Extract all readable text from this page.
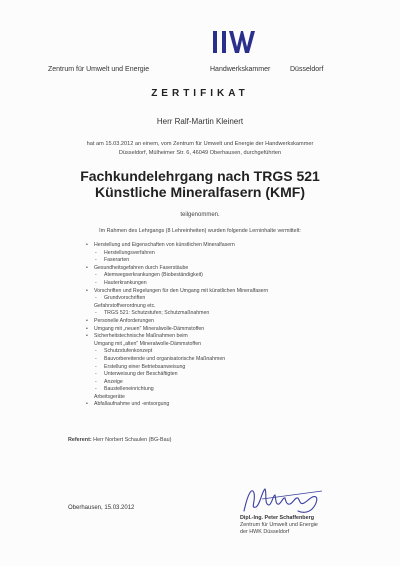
Zentrum für Umwelt und Energie	Handwerkskammer	Düsseldorf
ZERTIFIKAT
Herr Ralf-Martin Kleinert
hat am 15.03.2012 an einem, vom Zentrum für Umwelt und Energie der Handwerkskammer
Düsseldorf, Mülheimer Str. 6, 46049 Oberhausen, durchgeführten
Fachkundelehrgang nach TRGS 521
Künstliche Mineralfasern (KMF)
teilgenommen.
Im Rahmen des Lehrgangs (8 Lehreinheiten) wurden folgende Lerninhalte vermittelt:
• Herstellung und Eigenschaften von künstlichen Mineralfasern
- Herstellungsverfahren
- Faserarten
• Gesundheitsgefahren durch Faserstäube
- Atemwegserkrankungen (Biobeständigkeit)
- Hauterkrankungen
• Vorschriften und Regelungen für den Umgang mit künstlichen Mineralfasern
- Grundvorschriften
Gefahrstoffverordnung etc.
- TRGS 521: Schutzstufen; Schutzmaßnahmen
• Personelle Anforderungen
• Umgang mit „neuen" Mineralwolle-Dämmstoffen
• Sicherheitstechnische Maßnahmen beim
Umgang mit „alten" Mineralwolle-Dämmstoffen
- Schutzstufenkonzept
- Bauvorbereitende und organisatorische Maßnahmen
- Erstellung einer Betriebsanweisung
- Unterweisung der Beschäftigten
- Anzeige
- Baustelleneinrichtung
Arbeitsgeräte
• Abfallaufnahme und -entsorgung
Referent: Herr Norbert Schaulen (BG-Bau)
Oberhausen, 15.03.2012
Dipl.-Ing. Peter Schaffenberg
Zentrum für Umwelt und Energie
der HWK Düsseldorf
